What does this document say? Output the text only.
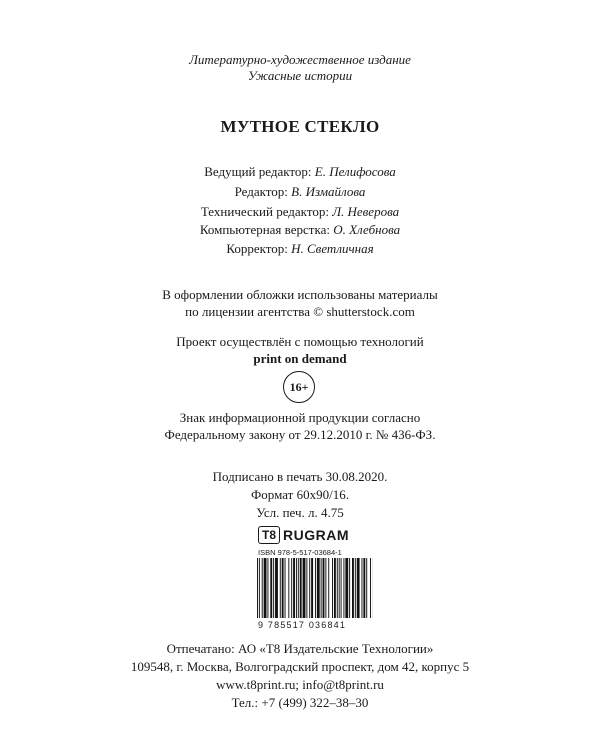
Литературно-художественное издание
Ужасные истории
МУТНОЕ СТЕКЛО
Ведущий редактор: Е. Пелифосова
Редактор: В. Измайлова
Технический редактор: Л. Неверова
Компьютерная верстка: О. Хлебнова
Корректор: Н. Светличная
В оформлении обложки использованы материалы
по лицензии агентства © shutterstock.com
Проект осуществлён с помощью технологий
print on demand
16+
Знак информационной продукции согласно
Федеральному закону от 29.12.2010 г. № 436-ФЗ.
Подписано в печать 30.08.2020.
Формат 60x90/16.
Усл. печ. л. 4.75
T8 RUGRAM
ISBN 978-5-517-03684-1
9 785517 036841
Отпечатано: АО «Т8 Издательские Технологии»
109548, г. Москва, Волгоградский проспект, дом 42, корпус 5
www.t8print.ru; info@t8print.ru
Тел.: +7 (499) 322–38–30
